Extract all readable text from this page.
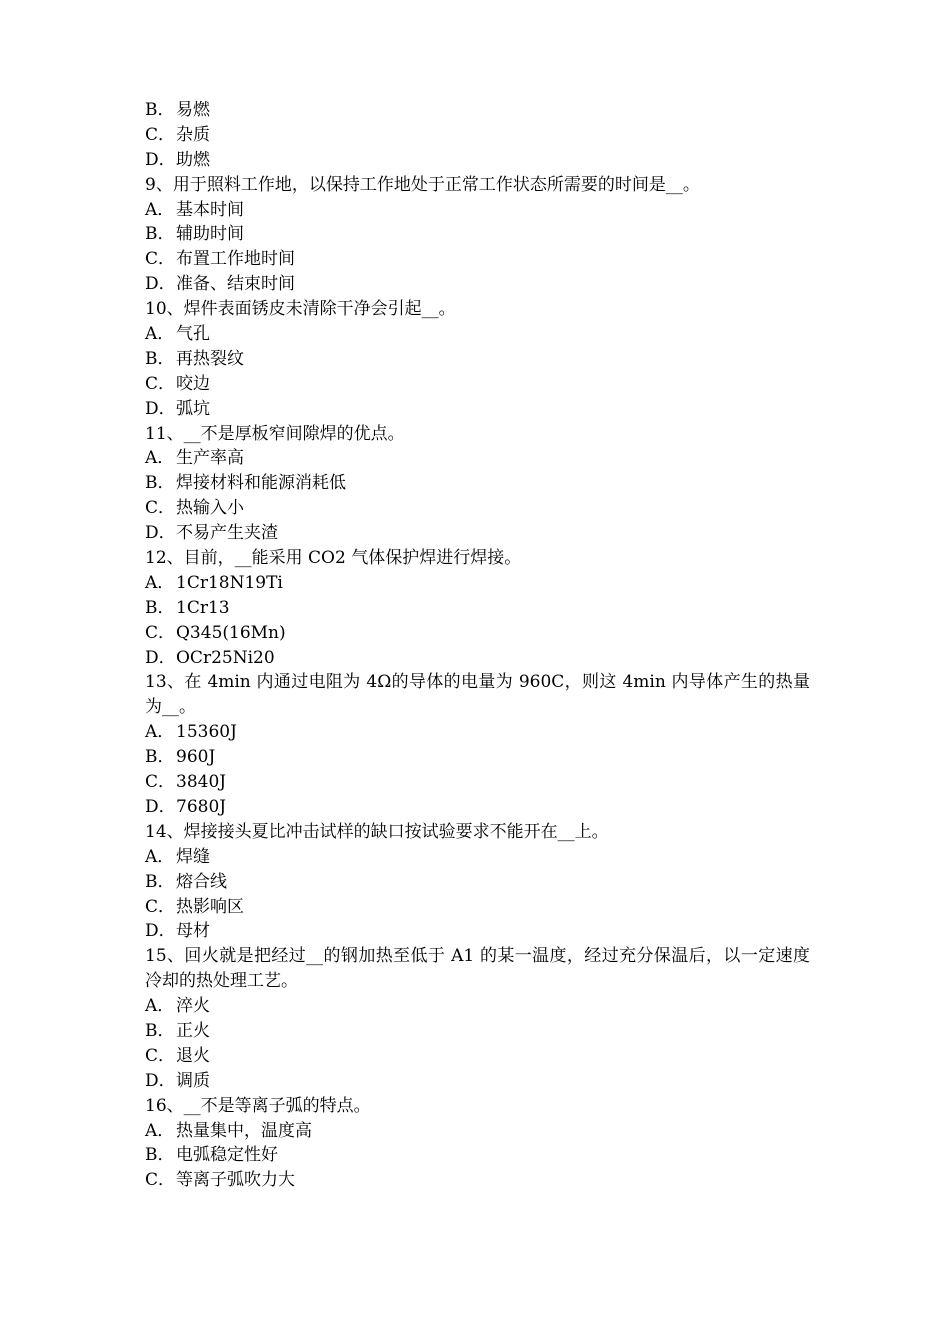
B．易燃
C．杂质
D．助燃
9、用于照料工作地，以保持工作地处于正常工作状态所需要的时间是__。
A． 基本时间
B．辅助时间
C．布置工作地时间
D．准备、结束时间
10、焊件表面锈皮未清除干净会引起__。
A． 气孔
B．再热裂纹
C．咬边
D．弧坑
11、__不是厚板窄间隙焊的优点。
A． 生产率高
B．焊接材料和能源消耗低
C．热输入小
D．不易产生夹渣
12、目前，__能采用 CO2 气体保护焊进行焊接。
A． 1Cr18N19Ti
B．1Cr13
C．Q345(16Mn)
D．OCr25Ni20
13、在 4min 内通过电阻为 4Ω的导体的电量为 960C，则这 4min 内导体产生的热量为__。
A． 15360J
B．960J
C．3840J
D．7680J
14、焊接接头夏比冲击试样的缺口按试验要求不能开在__上。
A． 焊缝
B．熔合线
C．热影响区
D．母材
15、回火就是把经过__的钢加热至低于 A1 的某一温度，经过充分保温后，以一定速度冷却的热处理工艺。
A． 淬火
B．正火
C．退火
D．调质
16、__不是等离子弧的特点。
A． 热量集中，温度高
B．电弧稳定性好
C．等离子弧吹力大
